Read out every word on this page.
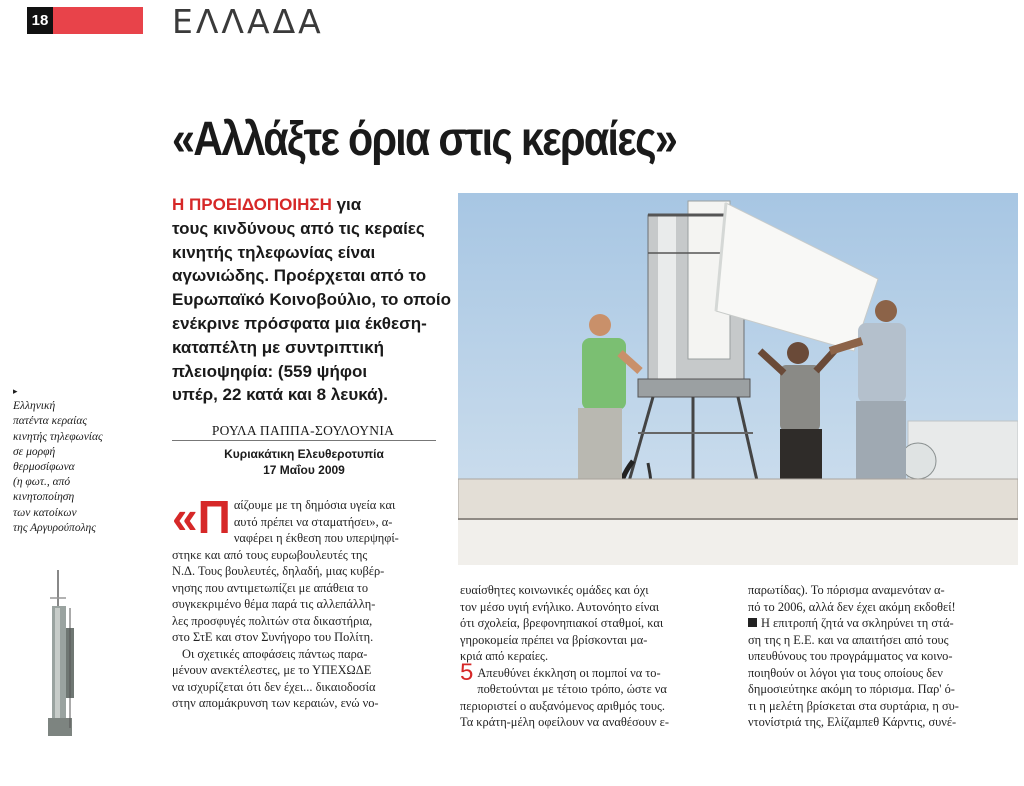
18	ΕΛΛΑΔΑ
«Αλλάξτε όρια στις κεραίες»
Η ΠΡΟΕΙΔΟΠΟΙΗΣΗ για
τους κινδύνους από τις κεραίες
κινητής τηλεφωνίας είναι
αγωνιώδης. Προέρχεται από το
Ευρωπαϊκό Κοινοβούλιο, το οποίο
ενέκρινε πρόσφατα μια έκθεση-
καταπέλτη με συντριπτική
πλειοψηφία: (559 ψήφοι
υπέρ, 22 κατά και 8 λευκά).
ΡΟΥΛΑ ΠΑΠΠΑ-ΣΟΥΛΟΥΝΙΑ
Κυριακάτικη Ελευθεροτυπία
17 Μαΐου 2009
▸
Ελληνική
πατέντα κεραίας
κινητής τηλεφωνίας
σε μορφή
θερμοσίφωνα
(η φωτ., από
κινητοποίηση
των κατοίκων
της Αργυρούπολης	«Π αίζουμε με τη δημόσια υγεία και
αυτό πρέπει να σταματήσει», α-
ναφέρει η έκθεση που υπερψηφί-
στηκε και από τους ευρωβουλευτές της
Ν.Δ. Τους βουλευτές, δηλαδή, μιας κυβέρ-
νησης που αντιμετωπίζει με απάθεια το
συγκεκριμένο θέμα παρά τις αλλεπάλλη-
λες προσφυγές πολιτών στα δικαστήρια,
στο ΣτΕ και στον Συνήγορο του Πολίτη.
Οι σχετικές αποφάσεις πάντως παρα-
μένουν ανεκτέλεστες, με το ΥΠΕΧΩΔΕ
να ισχυρίζεται ότι δεν έχει... δικαιοδοσία
στην απομάκρυνση των κεραιών, ενώ νο-
ευαίσθητες κοινωνικές ομάδες και όχι
τον μέσο υγιή ενήλικο. Αυτονόητο είναι
ότι σχολεία, βρεφονηπιακοί σταθμοί, και
γηροκομεία πρέπει να βρίσκονται μα-
κριά από κεραίες.
5 Απευθύνει έκκληση οι πομποί να το-
ποθετούνται με τέτοιο τρόπο, ώστε να
περιοριστεί ο αυξανόμενος αριθμός τους.
Τα κράτη-μέλη οφείλουν να αναθέσουν ε-
παρωτίδας). Το πόρισμα αναμενόταν α-
πό το 2006, αλλά δεν έχει ακόμη εκδοθεί!
Η επιτροπή ζητά να σκληρύνει τη στά-
ση της η Ε.Ε. και να απαιτήσει από τους
υπευθύνους του προγράμματος να κοινο-
ποιηθούν οι λόγοι για τους οποίους δεν
δημοσιεύτηκε ακόμη το πόρισμα. Παρ' ό-
τι η μελέτη βρίσκεται στα συρτάρια, η συ-
ντονίστριά της, Ελίζαμπεθ Κάρντις, συνέ-
